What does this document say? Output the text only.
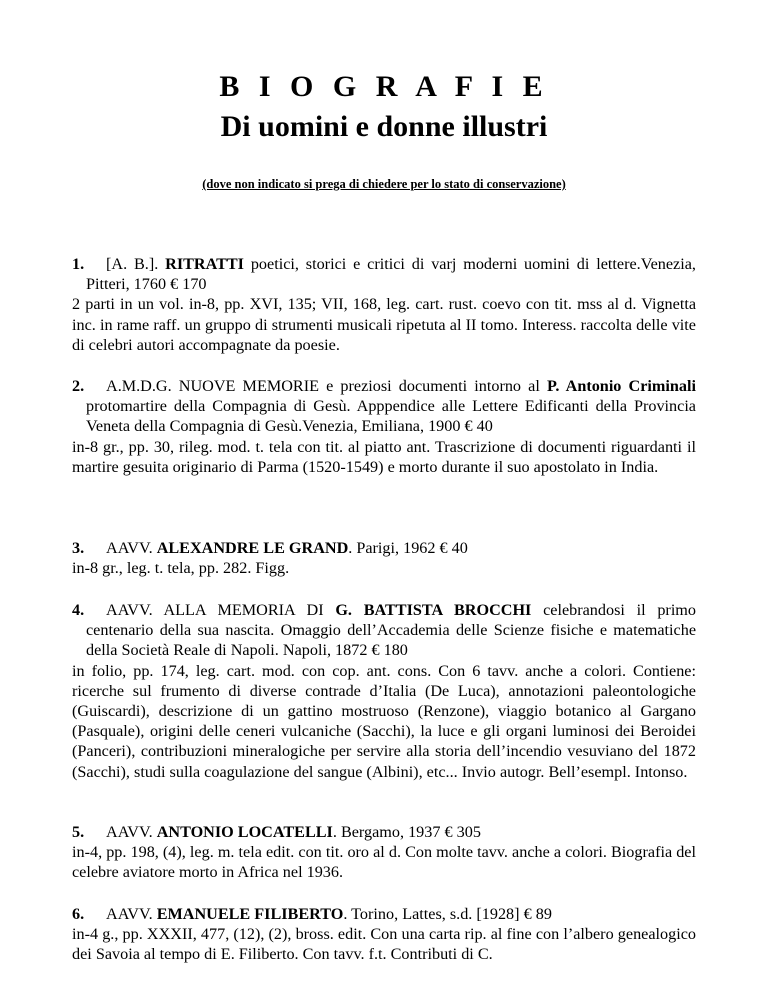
B I O G R A F I E
Di uomini e donne illustri
(dove non indicato si prega di chiedere per lo stato di conservazione)
1. [A. B.]. RITRATTI poetici, storici e critici di varj moderni uomini di lettere.Venezia, Pitteri, 1760 € 170
2 parti in un vol. in-8, pp. XVI, 135; VII, 168, leg. cart. rust. coevo con tit. mss al d. Vignetta inc. in rame raff. un gruppo di strumenti musicali ripetuta al II tomo. Interess. raccolta delle vite di celebri autori accompagnate da poesie.
2. A.M.D.G. NUOVE MEMORIE e preziosi documenti intorno al P. Antonio Criminali protomartire della Compagnia di Gesù. Apppendice alle Lettere Edificanti della Provincia Veneta della Compagnia di Gesù.Venezia, Emiliana, 1900 € 40
in-8 gr., pp. 30, rileg. mod. t. tela con tit. al piatto ant. Trascrizione di documenti riguardanti il martire gesuita originario di Parma (1520-1549) e morto durante il suo apostolato in India.
3. AAVV. ALEXANDRE LE GRAND. Parigi, 1962 € 40
in-8 gr., leg. t. tela, pp. 282. Figg.
4. AAVV. ALLA MEMORIA DI G. BATTISTA BROCCHI celebrandosi il primo centenario della sua nascita. Omaggio dell’Accademia delle Scienze fisiche e matematiche della Società Reale di Napoli. Napoli, 1872 € 180
in folio, pp. 174, leg. cart. mod. con cop. ant. cons. Con 6 tavv. anche a colori. Contiene: ricerche sul frumento di diverse contrade d’Italia (De Luca), annotazioni paleontologiche (Guiscardi), descrizione di un gattino mostruoso (Renzone), viaggio botanico al Gargano (Pasquale), origini delle ceneri vulcaniche (Sacchi), la luce e gli organi luminosi dei Beroidei (Panceri), contribuzioni mineralogiche per servire alla storia dell’incendio vesuviano del 1872 (Sacchi), studi sulla coagulazione del sangue (Albini), etc... Invio autogr. Bell’esempl. Intonso.
5. AAVV. ANTONIO LOCATELLI. Bergamo, 1937 € 305
in-4, pp. 198, (4), leg. m. tela edit. con tit. oro al d. Con molte tavv. anche a colori. Biografia del celebre aviatore morto in Africa nel 1936.
6. AAVV. EMANUELE FILIBERTO. Torino, Lattes, s.d. [1928] € 89
in-4 g., pp. XXXII, 477, (12), (2), bross. edit. Con una carta rip. al fine con l’albero genealogico dei Savoia al tempo di E. Filiberto. Con tavv. f.t. Contributi di C.
